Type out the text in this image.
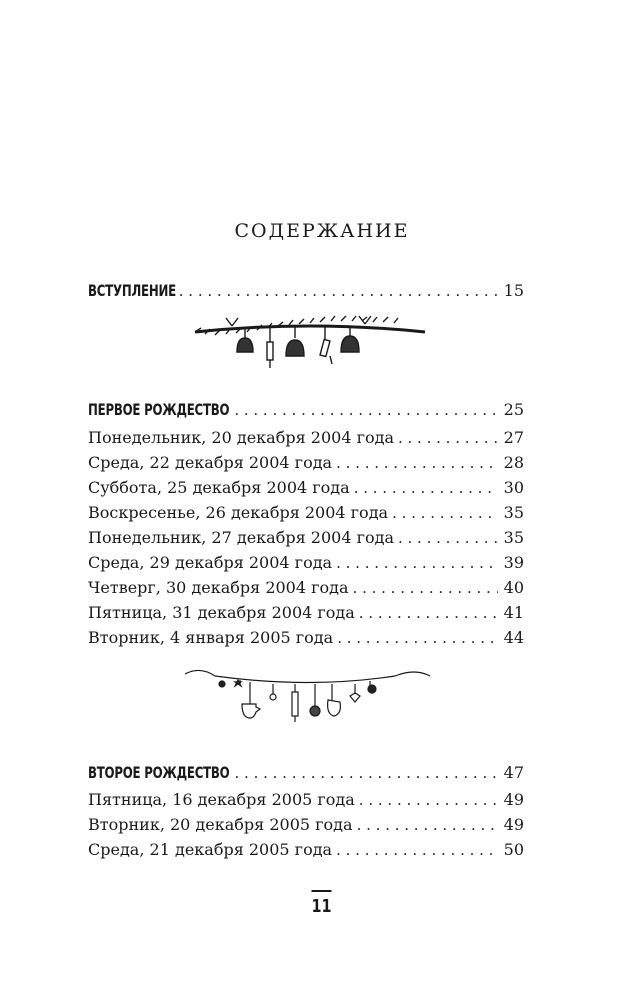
СОДЕРЖАНИЕ
ВСТУПЛЕНИЕ . . .	15
ПЕРВОЕ РОЖДЕСТВО . . .	25
Понедельник, 20 декабря 2004 года . . .	27
Среда, 22 декабря 2004 года . . .	28
Суббота, 25 декабря 2004 года . . .	30
Воскресенье, 26 декабря 2004 года . . .	35
Понедельник, 27 декабря 2004 года . . .	35
Среда, 29 декабря 2004 года . . .	39
Четверг, 30 декабря 2004 года . . .	40
Пятница, 31 декабря 2004 года . . .	41
Вторник, 4 января 2005 года . . .	44
ВТОРОЕ РОЖДЕСТВО . . .	47
Пятница, 16 декабря 2005 года . . .	49
Вторник, 20 декабря 2005 года . . .	49
Среда, 21 декабря 2005 года . . .	50
11
